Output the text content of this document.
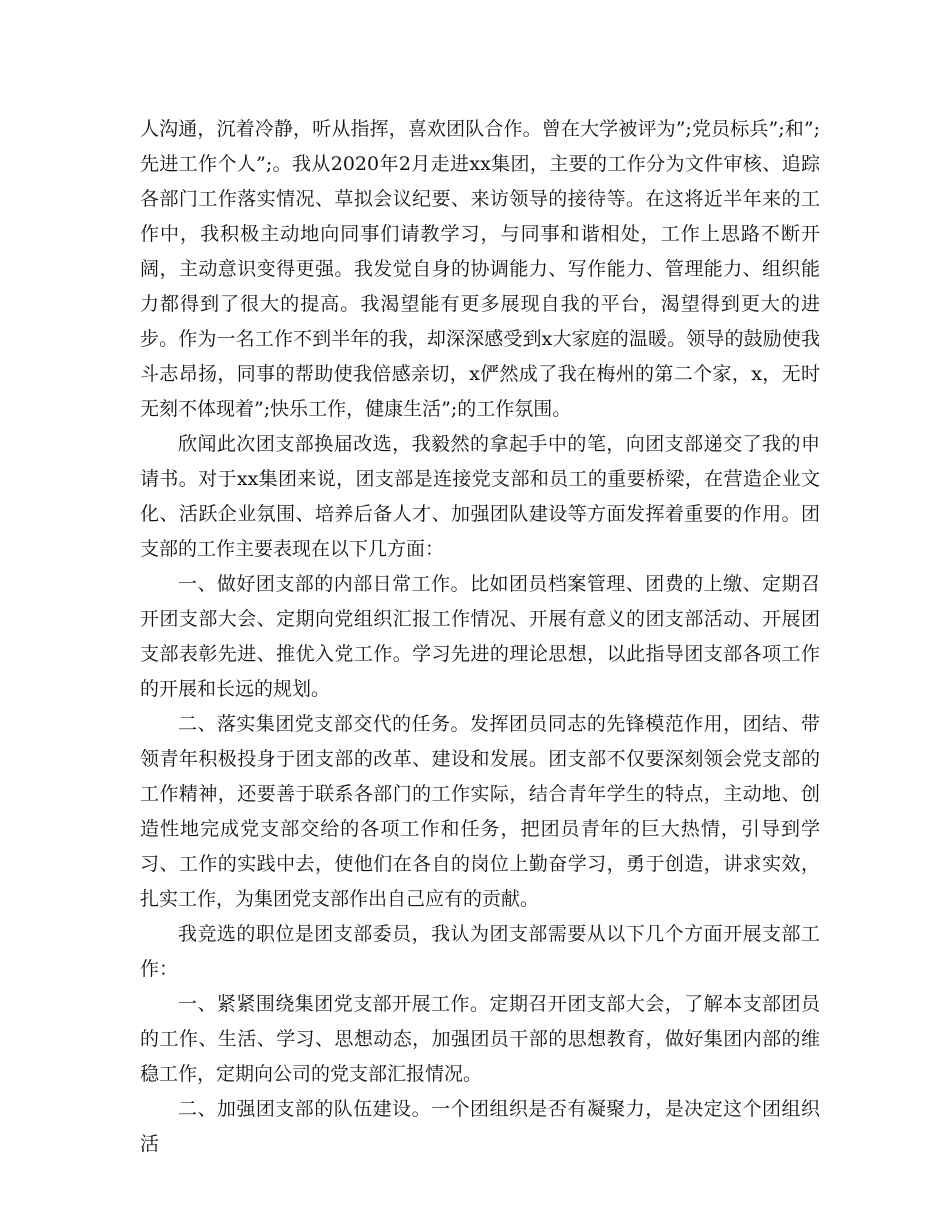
人沟通，沉着冷静，听从指挥，喜欢团队合作。曾在大学被评为”;党员标兵”;和”;先进工作个人”;。我从2020年2月走进xx集团，主要的工作分为文件审核、追踪各部门工作落实情况、草拟会议纪要、来访领导的接待等。在这将近半年来的工作中，我积极主动地向同事们请教学习，与同事和谐相处，工作上思路不断开阔，主动意识变得更强。我发觉自身的协调能力、写作能力、管理能力、组织能力都得到了很大的提高。我渴望能有更多展现自我的平台，渴望得到更大的进步。作为一名工作不到半年的我，却深深感受到x大家庭的温暖。领导的鼓励使我斗志昂扬，同事的帮助使我倍感亲切，x俨然成了我在梅州的第二个家，x，无时无刻不体现着”;快乐工作，健康生活”;的工作氛围。

欣闻此次团支部换届改选，我毅然的拿起手中的笔，向团支部递交了我的申请书。对于xx集团来说，团支部是连接党支部和员工的重要桥梁，在营造企业文化、活跃企业氛围、培养后备人才、加强团队建设等方面发挥着重要的作用。团支部的工作主要表现在以下几方面：

一、做好团支部的内部日常工作。比如团员档案管理、团费的上缴、定期召开团支部大会、定期向党组织汇报工作情况、开展有意义的团支部活动、开展团支部表彰先进、推优入党工作。学习先进的理论思想，以此指导团支部各项工作的开展和长远的规划。

二、落实集团党支部交代的任务。发挥团员同志的先锋模范作用，团结、带领青年积极投身于团支部的改革、建设和发展。团支部不仅要深刻领会党支部的工作精神，还要善于联系各部门的工作实际，结合青年学生的特点，主动地、创造性地完成党支部交给的各项工作和任务，把团员青年的巨大热情，引导到学习、工作的实践中去，使他们在各自的岗位上勤奋学习，勇于创造，讲求实效，扎实工作，为集团党支部作出自己应有的贡献。

我竞选的职位是团支部委员，我认为团支部需要从以下几个方面开展支部工作：

一、紧紧围绕集团党支部开展工作。定期召开团支部大会，了解本支部团员的工作、生活、学习、思想动态，加强团员干部的思想教育，做好集团内部的维稳工作，定期向公司的党支部汇报情况。

二、加强团支部的队伍建设。一个团组织是否有凝聚力，是决定这个团组织活
